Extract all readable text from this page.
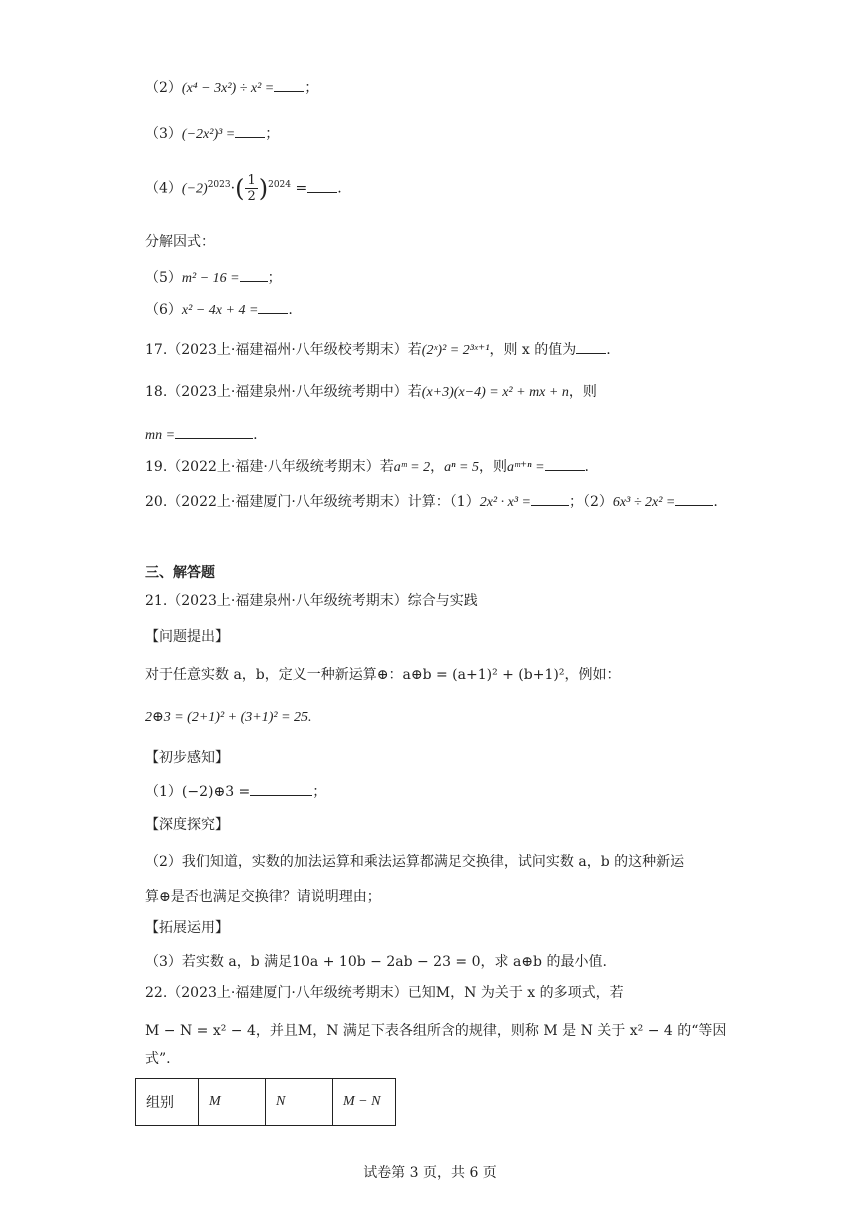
（2）(x⁴ − 3x²) ÷ x² = ；
（3）(−2x²)³ = ；
$(4)(-2)^{2023}\cdot( \frac{1}{2} )^{2024}$ = .
分解因式：
（5）m² − 16 = ；
（6）x² − 4x + 4 = .
17.（2023上·福建福州·八年级校考期末）若(2ˣ)² = 2³ˣ⁺¹，则 x 的值为 .
18.（2023上·福建泉州·八年级统考期中）若(x+3)(x−4) = x² + mx + n，则
mn =	.
19.（2022上·福建·八年级统考期末）若aᵐ = 2，aⁿ = 5，则aᵐ⁺ⁿ =	.
20.（2022上·福建厦门·八年级统考期末）计算：（1）2x² · x³ =	；（2）6x³ ÷ 2x² =	.
三、解答题
21.（2023上·福建泉州·八年级统考期末）综合与实践
【问题提出】
对于任意实数 a，b，定义一种新运算⊕：a⊕b = (a+1)² + (b+1)²，例如：
2⊕3 = (2+1)² + (3+1)² = 25.
【初步感知】
（1）(−2)⊕3 =	；
【深度探究】
（2）我们知道，实数的加法运算和乘法运算都满足交换律，试问实数 a，b 的这种新运
算⊕是否也满足交换律？请说明理由；
【拓展运用】
（3）若实数 a，b 满足10a + 10b − 2ab − 23 = 0，求 a⊕b 的最小值.
22.（2023上·福建厦门·八年级统考期末）已知M，N 为关于 x 的多项式，若
M − N = x² − 4，并且M，N 满足下表各组所含的规律，则称 M 是 N 关于 x² − 4 的“等因
式”.
组别	M	N	M − N
试卷第 3 页，共 6 页
